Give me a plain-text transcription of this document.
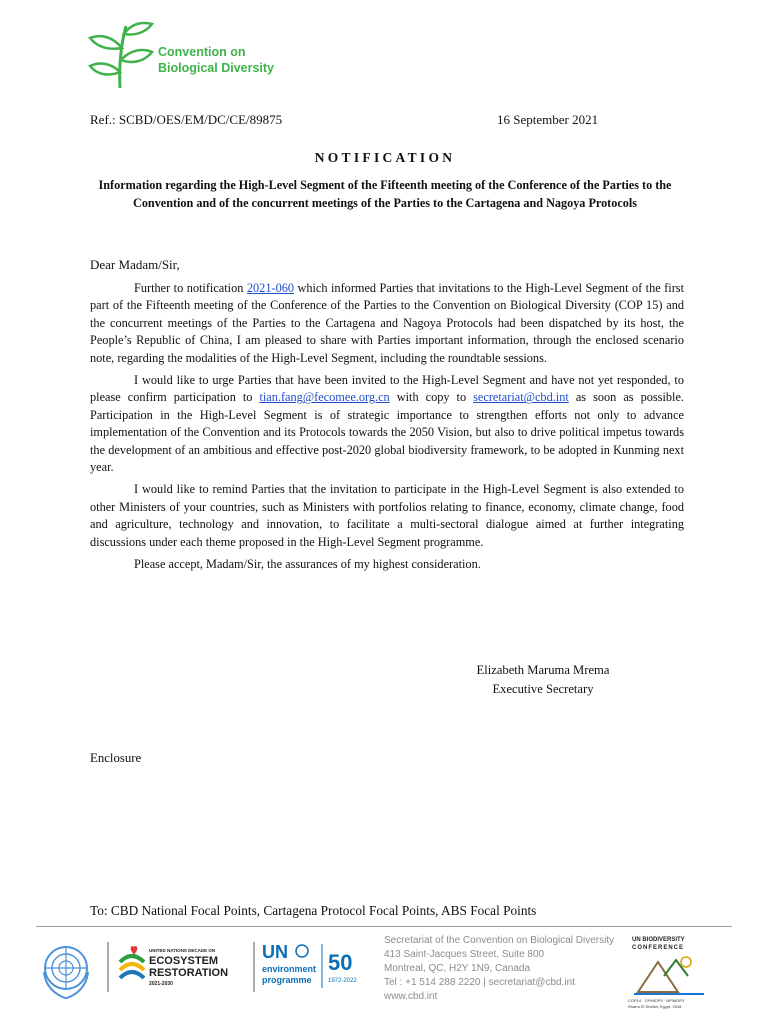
Convention on
Biological Diversity
Ref.: SCBD/OES/EM/DC/CE/89875	16 September 2021
NOTIFICATION
Information regarding the High-Level Segment of the Fifteenth meeting of the Conference of the Parties to the Convention and of the concurrent meetings of the Parties to the Cartagena and Nagoya Protocols
Dear Madam/Sir,

Further to notification 2021-060 which informed Parties that invitations to the High-Level Segment of the first part of the Fifteenth meeting of the Conference of the Parties to the Convention on Biological Diversity (COP 15) and the concurrent meetings of the Parties to the Cartagena and Nagoya Protocols had been dispatched by its host, the People’s Republic of China, I am pleased to share with Parties important information, through the enclosed scenario note, regarding the modalities of the High-Level Segment, including the roundtable sessions.

I would like to urge Parties that have been invited to the High-Level Segment and have not yet responded, to please confirm participation to tian.fang@fecomee.org.cn with copy to secretariat@cbd.int as soon as possible. Participation in the High-Level Segment is of strategic importance to strengthen efforts not only to advance implementation of the Convention and its Protocols towards the 2050 Vision, but also to drive political impetus towards the development of an ambitious and effective post-2020 global biodiversity framework, to be adopted in Kunming next year.

I would like to remind Parties that the invitation to participate in the High-Level Segment is also extended to other Ministers of your countries, such as Ministers with portfolios relating to finance, economy, climate change, food and agriculture, technology and innovation, to facilitate a multi-sectoral dialogue aimed at further integrating discussions under each theme proposed in the High-Level Segment programme.

Please accept, Madam/Sir, the assurances of my highest consideration.

Elizabeth Maruma Mrema
Executive Secretary
Enclosure
To: CBD National Focal Points, Cartagena Protocol Focal Points, ABS Focal Points
UNITED NATIONS DECADE ON
ECOSYSTEM
RESTORATION
2021-2030
UN
environment
programme
50
1972-2022
Secretariat of the Convention on Biological Diversity
413 Saint-Jacques Street, Suite 800
Montreal, QC, H2Y 1N9, Canada
Tel : +1 514 288 2220 | secretariat@cbd.int
www.cbd.int
UN BIODIVERSITY
CONFERENCE
COP14 · CP/MOP9 · NP/MOP3
Sharm El Sheikh, Egypt, 2018
